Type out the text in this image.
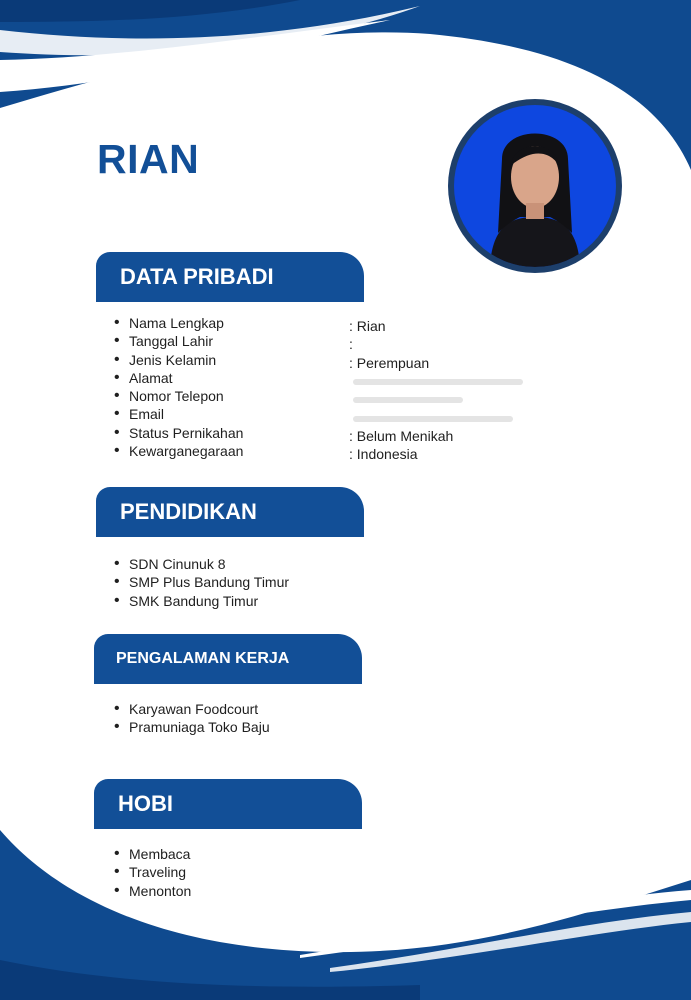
RIAN
DATA PRIBADI
• Nama Lengkap
• Tanggal Lahir
• Jenis Kelamin
• Alamat
• Nomor Telepon
• Email
• Status Pernikahan
• Kewarganegaraan
: Rian
:
: Perempuan
: Belum Menikah
: Indonesia
PENDIDIKAN
• SDN Cinunuk 8
• SMP Plus Bandung Timur
• SMK Bandung Timur
PENGALAMAN KERJA
• Karyawan Foodcourt
• Pramuniaga Toko Baju
HOBI
• Membaca
• Traveling
• Menonton
